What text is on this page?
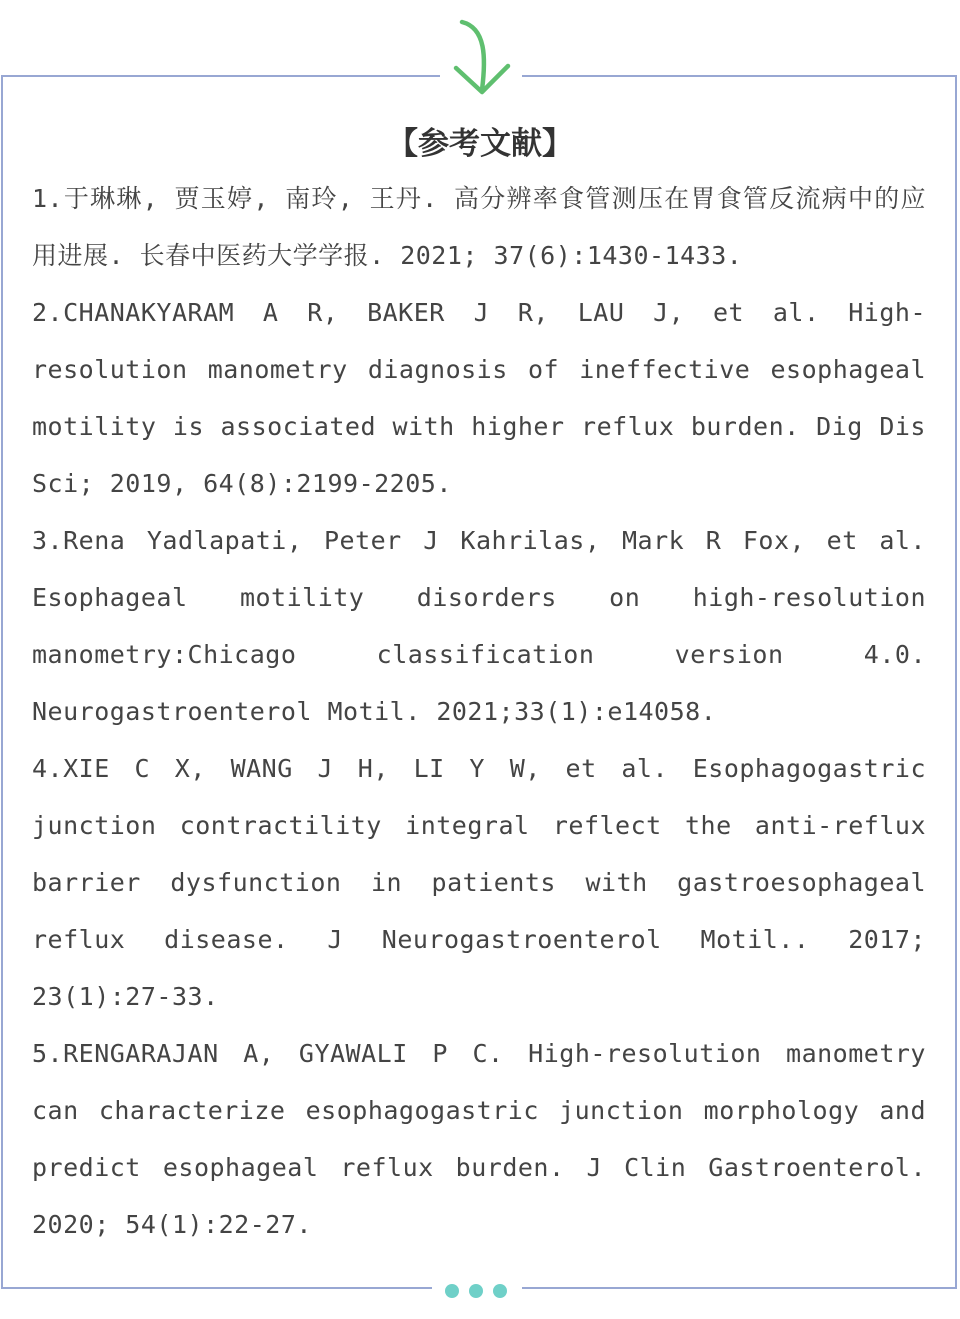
【参考文献】

1.于琳琳, 贾玉婷, 南玲, 王丹. 高分辨率食管测压在胃食管反流病中的应用进展. 长春中医药大学学报. 2021; 37(6):1430-1433.

2.CHANAKYARAM A R, BAKER J R, LAU J, et al. High-resolution manometry diagnosis of ineffective esophageal motility is associated with higher reflux burden. Dig Dis Sci; 2019, 64(8):2199-2205.

3.Rena Yadlapati, Peter J Kahrilas, Mark R Fox, et al. Esophageal motility disorders on high-resolution manometry:Chicago classification version 4.0. Neurogastroenterol Motil. 2021;33(1):e14058.

4.XIE C X, WANG J H, LI Y W, et al. Esophagogastric junction contractility integral reflect the anti-reflux barrier dysfunction in patients with gastroesophageal reflux disease. J Neurogastroenterol Motil.. 2017; 23(1):27-33.

5.RENGARAJAN A, GYAWALI P C. High-resolution manometry can characterize esophagogastric junction morphology and predict esophageal reflux burden. J Clin Gastroenterol. 2020; 54(1):22-27.
